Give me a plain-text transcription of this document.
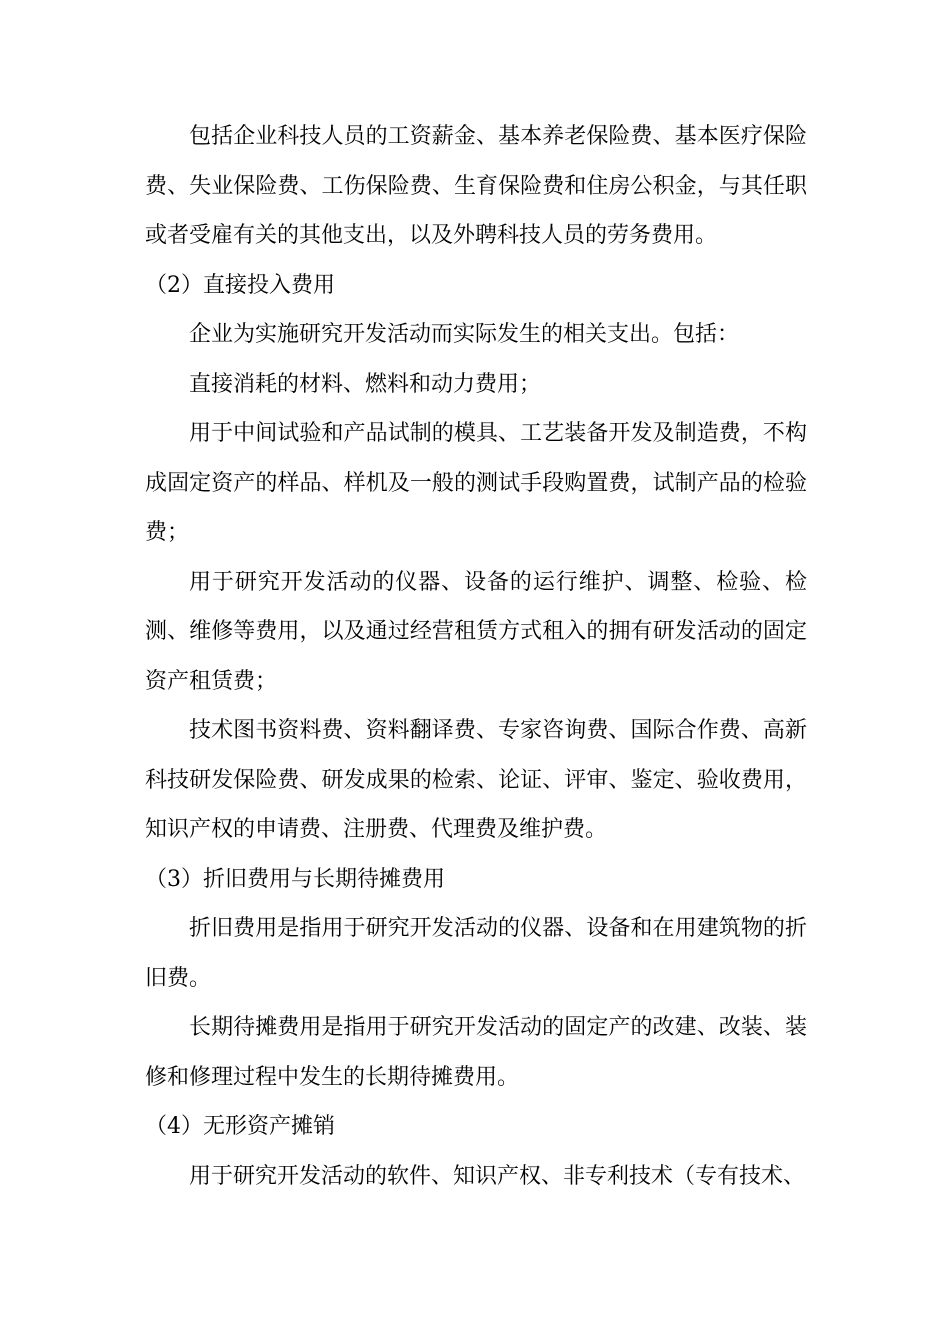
包括企业科技人员的工资薪金、基本养老保险费、基本医疗保险费、失业保险费、工伤保险费、生育保险费和住房公积金，与其任职或者受雇有关的其他支出，以及外聘科技人员的劳务费用。

（2）直接投入费用

企业为实施研究开发活动而实际发生的相关支出。包括：

直接消耗的材料、燃料和动力费用；

用于中间试验和产品试制的模具、工艺装备开发及制造费，不构成固定资产的样品、样机及一般的测试手段购置费，试制产品的检验费；

用于研究开发活动的仪器、设备的运行维护、调整、检验、检测、维修等费用，以及通过经营租赁方式租入的拥有研发活动的固定资产租赁费；

技术图书资料费、资料翻译费、专家咨询费、国际合作费、高新科技研发保险费、研发成果的检索、论证、评审、鉴定、验收费用，知识产权的申请费、注册费、代理费及维护费。

（3）折旧费用与长期待摊费用

折旧费用是指用于研究开发活动的仪器、设备和在用建筑物的折旧费。

长期待摊费用是指用于研究开发活动的固定产的改建、改装、装修和修理过程中发生的长期待摊费用。

（4）无形资产摊销

用于研究开发活动的软件、知识产权、非专利技术（专有技术、
